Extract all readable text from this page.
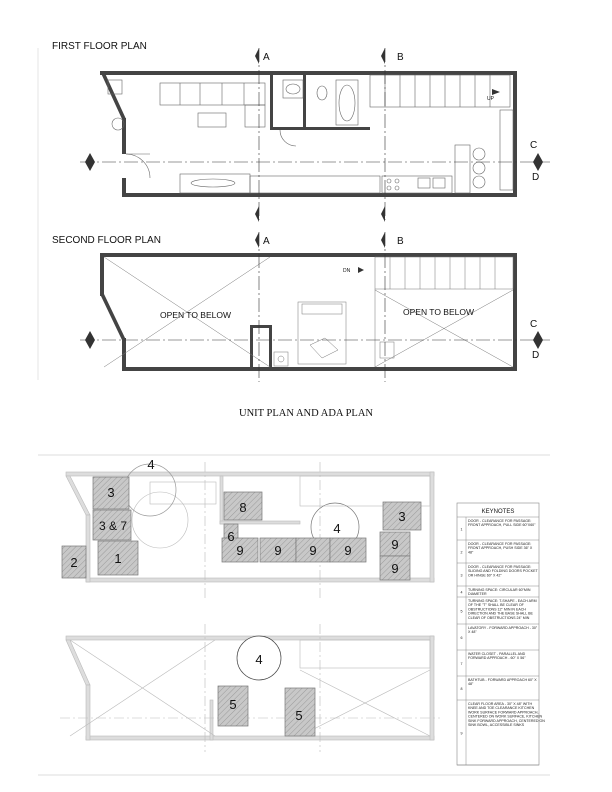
FIRST FLOOR PLAN
A	B
C
D
UP
SECOND FLOOR PLAN	A	B
C
D
DN
OPEN TO BELOW	OPEN TO BELOW
UNIT PLAN AND ADA PLAN
4
3
8
3
3 & 7	4
6
9 9 9 9	9
9
2	1
4
5
5
KEYNOTES
1
DOOR - CLEARANCE FOR PASSAGE: FRONT APPROACH, PULL SIDE 60"X60"
2
DOOR - CLEARANCE FOR PASSAGE: FRONT APPROACH, PUSH SIDE 36" X 48"
3
DOOR - CLEARANCE FOR PASSAGE: SLIDING AND FOLDING DOORS POCKET OR HINGE 60" X 42"
4
TURNING SPACE: CIRCULAR 60"MIN DIAMETER
5
TURNING SPACE: T-SHAPE - EACH ARM OF THE "T" SHALL BE CLEAR OF OBSTRUCTIONS 12" MIN IN EACH DIRECTION AND THE BASE SHALL BE CLEAR OF OBSTRUCTIONS 24" MIN
6
LAVATORY - FORWARD APPROACH - 30" X 48"
7
WATER CLOSET - PARALLEL AND FORWARD APPROACH - 60" X 56"
8
BATHTUB - FORWARD APPROACH 60" X 48"
9
CLEAR FLOOR AREA - 30" X 48" WITH KNEE AND TOE CLEARANCE KITCHEN WORK SURFACE FORWARD APPROACH, CENTERED ON WORK SURFACE, KITCHEN SINK FORWARD APPROACH, CENTERED ON SINK BOWL, ACCESSIBLE SINKS
